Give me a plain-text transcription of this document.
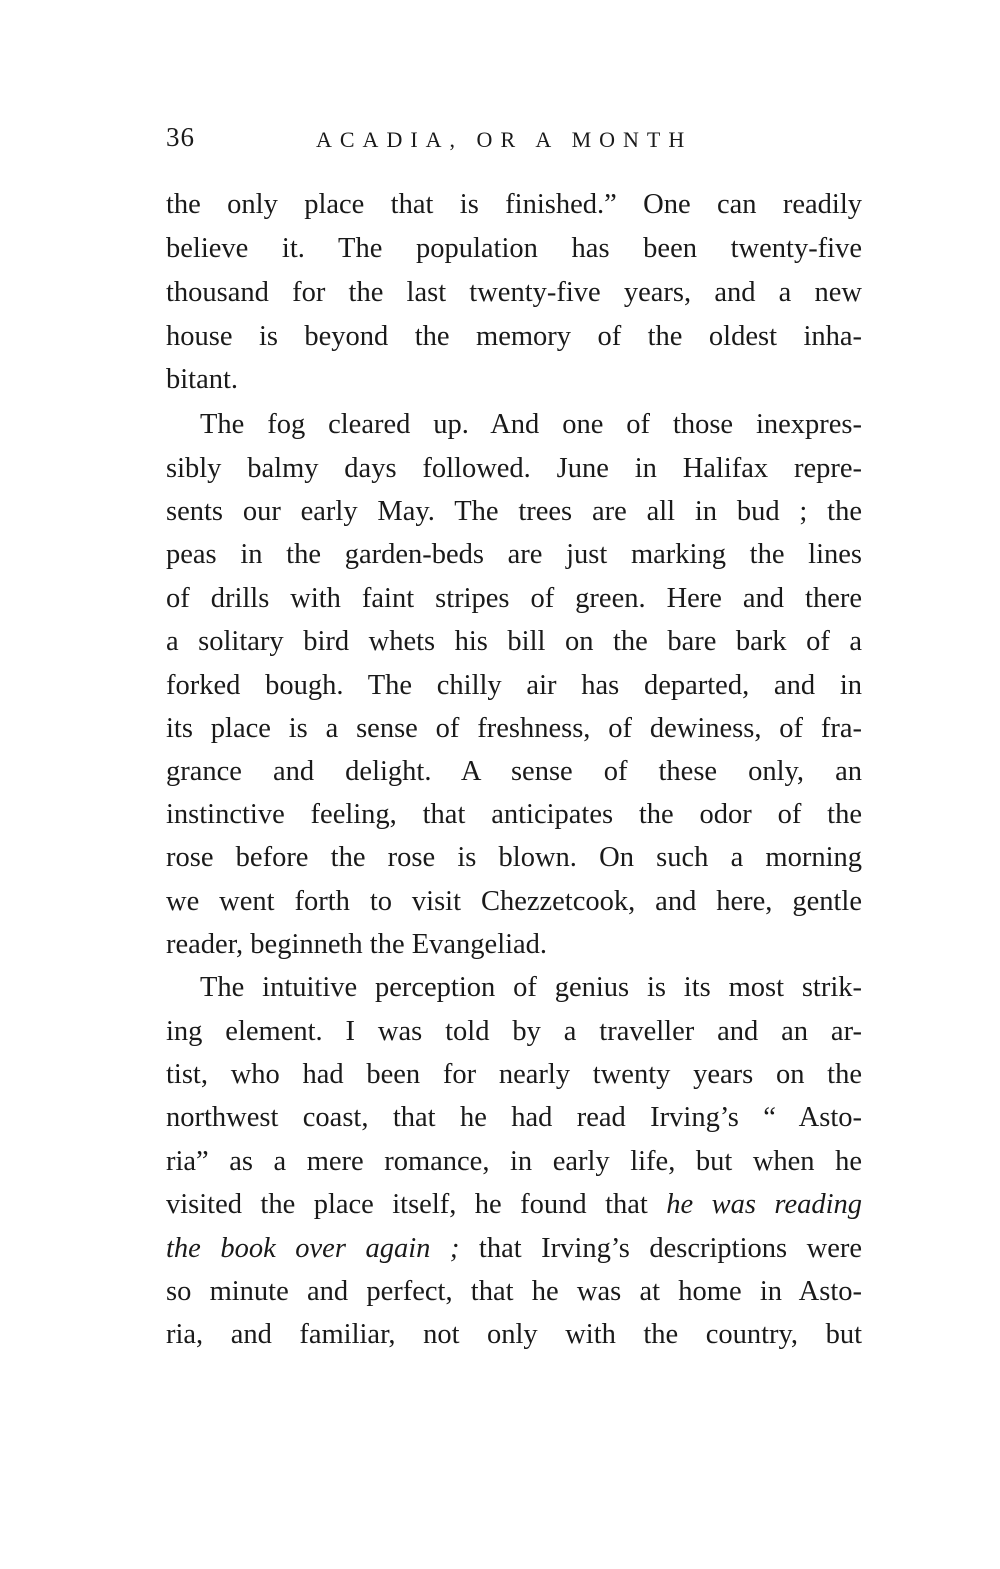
36	ACADIA, OR A MONTH
the only place that is finished.” One can readily
believe it. The population has been twenty-five
thousand for the last twenty-five years, and a new
house is beyond the memory of the oldest inha-
bitant.
The fog cleared up. And one of those inexpres-
sibly balmy days followed. June in Halifax repre-
sents our early May. The trees are all in bud ; the
peas in the garden-beds are just marking the lines
of drills with faint stripes of green. Here and there
a solitary bird whets his bill on the bare bark of a
forked bough. The chilly air has departed, and in
its place is a sense of freshness, of dewiness, of fra-
grance and delight. A sense of these only, an
instinctive feeling, that anticipates the odor of the
rose before the rose is blown. On such a morning
we went forth to visit Chezzetcook, and here, gentle
reader, beginneth the Evangeliad.
The intuitive perception of genius is its most strik-
ing element. I was told by a traveller and an ar-
tist, who had been for nearly twenty years on the
northwest coast, that he had read Irving’s “ Asto-
ria” as a mere romance, in early life, but when he
visited the place itself, he found that he was reading
the book over again ; that Irving’s descriptions were
so minute and perfect, that he was at home in Asto-
ria, and familiar, not only with the country, but
